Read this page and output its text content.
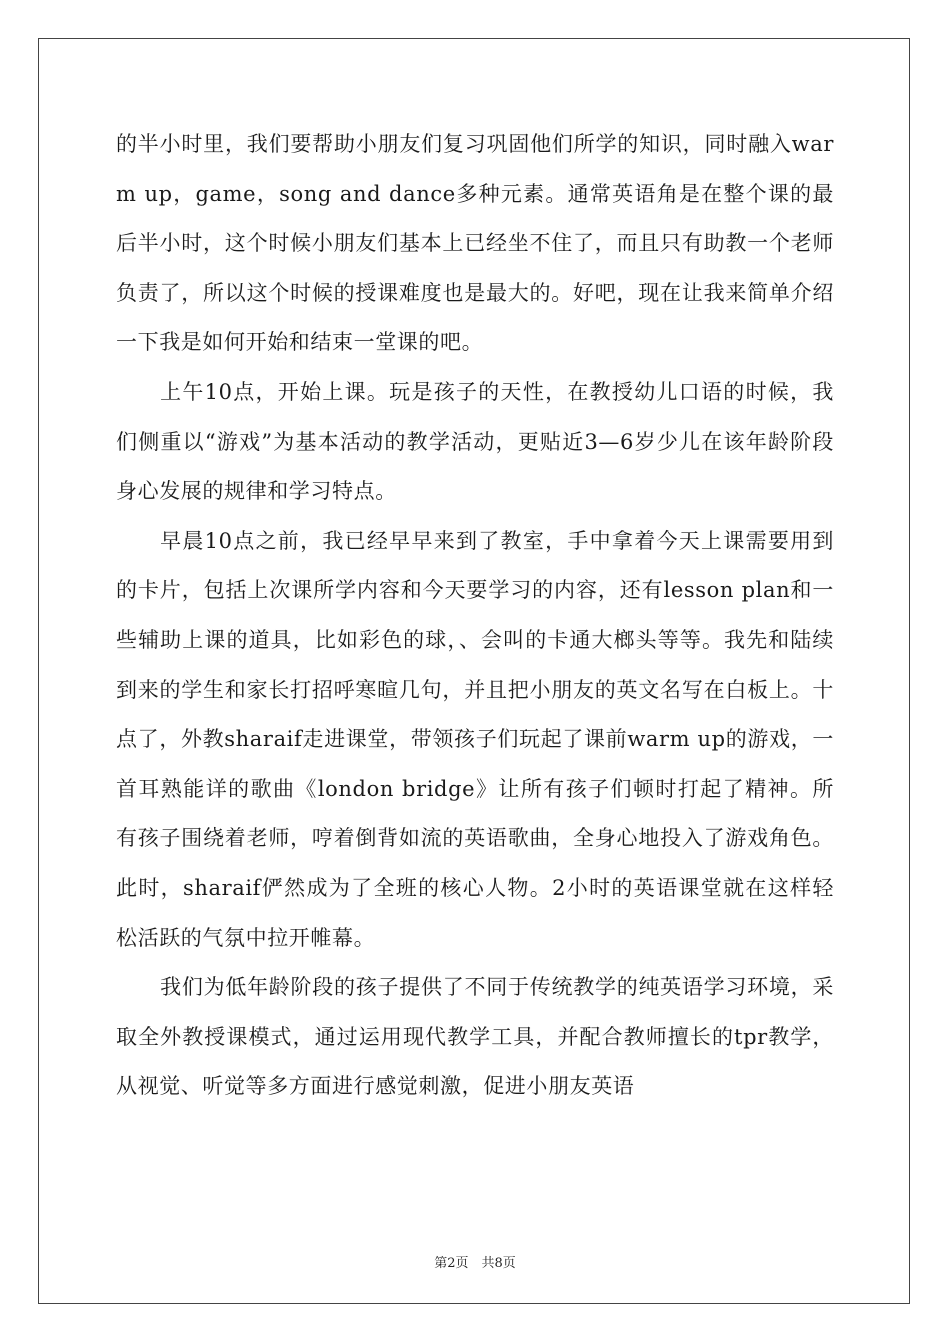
的半小时里，我们要帮助小朋友们复习巩固他们所学的知识，同时融入warm up，game，song and dance多种元素。通常英语角是在整个课的最后半小时，这个时候小朋友们基本上已经坐不住了，而且只有助教一个老师负责了，所以这个时候的授课难度也是最大的。好吧，现在让我来简单介绍一下我是如何开始和结束一堂课的吧。

上午10点，开始上课。玩是孩子的天性，在教授幼儿口语的时候，我们侧重以“游戏”为基本活动的教学活动，更贴近3—6岁少儿在该年龄阶段身心发展的规律和学习特点。

早晨10点之前，我已经早早来到了教室，手中拿着今天上课需要用到的卡片，包括上次课所学内容和今天要学习的内容，还有lesson plan和一些辅助上课的道具，比如彩色的球，、会叫的卡通大榔头等等。我先和陆续到来的学生和家长打招呼寒暄几句，并且把小朋友的英文名写在白板上。十点了，外教sharaif走进课堂，带领孩子们玩起了课前warm up的游戏，一首耳熟能详的歌曲《london bridge》让所有孩子们顿时打起了精神。所有孩子围绕着老师，哼着倒背如流的英语歌曲，全身心地投入了游戏角色。此时，sharaif俨然成为了全班的核心人物。2小时的英语课堂就在这样轻松活跃的气氛中拉开帷幕。

我们为低年龄阶段的孩子提供了不同于传统教学的纯英语学习环境，采取全外教授课模式，通过运用现代教学工具，并配合教师擅长的tpr教学，从视觉、听觉等多方面进行感觉刺激，促进小朋友英语

第2页　共8页
